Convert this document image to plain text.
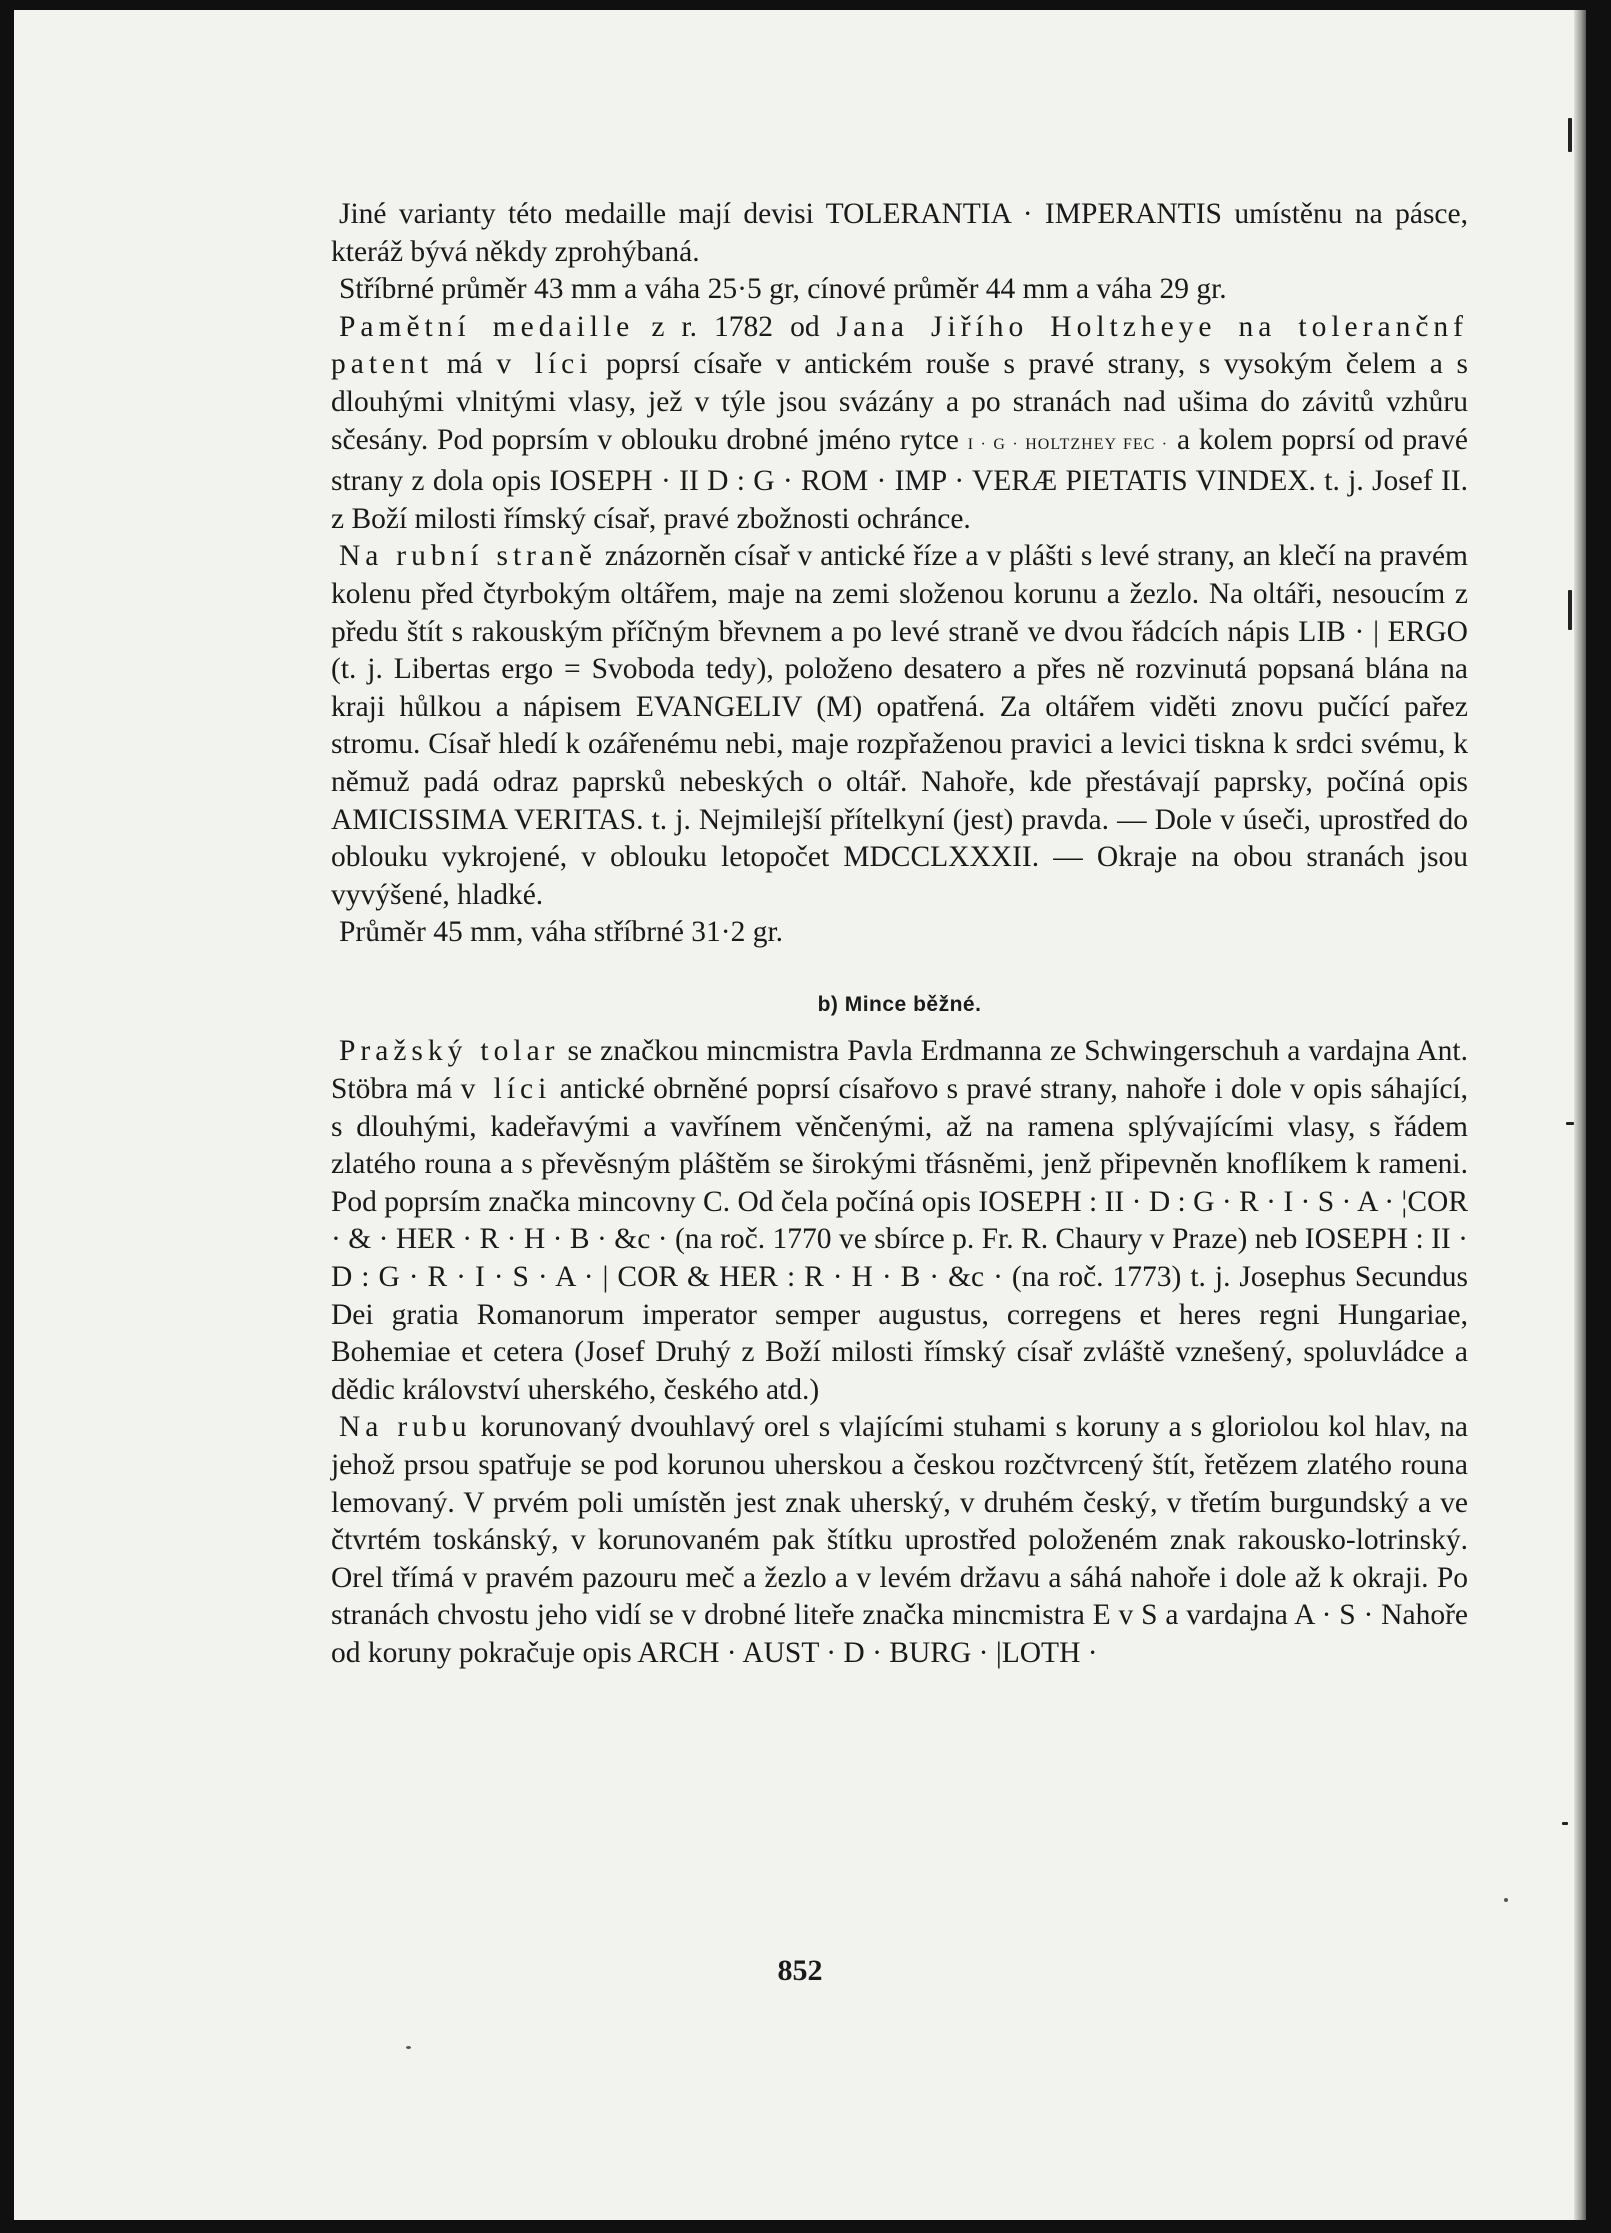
Jiné varianty této medaille mají devisi TOLERANTIA · IMPERANTIS umístěnu na pásce, kteráž bývá někdy zprohýbaná.

Stříbrné průměr 43 mm a váha 25·5 gr, cínové průměr 44 mm a váha 29 gr.

Pamětní medaille z r. 1782 od Jana Jiřího Holtzheye na tolerančnf patent má v líci poprsí císaře v antickém rouše s pravé strany, s vysokým čelem a s dlouhými vlnitými vlasy, jež v týle jsou svázány a po stranách nad ušima do závitů vzhůru sčesány. Pod poprsím v oblouku drobné jméno rytce I · G · HOLTZHEY FEC · a kolem poprsí od pravé strany z dola opis IOSEPH · II D : G · ROM · IMP · VERÆ PIETATIS VINDEX. t. j. Josef II. z Boží milosti římský císař, pravé zbožnosti ochránce.

Na rubní straně znázorněn císař v antické říze a v plášti s levé strany, an klečí na pravém kolenu před čtyrbokým oltářem, maje na zemi složenou korunu a žezlo. Na oltáři, nesoucím z předu štít s rakouským příčným břevnem a po levé straně ve dvou řádcích nápis LIB · | ERGO (t. j. Libertas ergo = Svoboda tedy), položeno desatero a přes ně rozvinutá popsaná blána na kraji hůlkou a nápisem EVANGELIV (M) opatřená. Za oltářem viděti znovu pučící pařez stromu. Císař hledí k ozářenému nebi, maje rozpřaženou pravici a levici tiskna k srdci svému, k němuž padá odraz paprsků nebeských o oltář. Nahoře, kde přestávají paprsky, počíná opis AMICISSIMA VERITAS. t. j. Nejmilejší přítelkyní (jest) pravda. — Dole v úseči, uprostřed do oblouku vykrojené, v oblouku letopočet MDCCLXXXII. — Okraje na obou stranách jsou vyvýšené, hladké.

Průměr 45 mm, váha stříbrné 31·2 gr.

b) Mince běžné.

Pražský tolar se značkou mincmistra Pavla Erdmanna ze Schwingerschuh a vardajna Ant. Stöbra má v líci antické obrněné poprsí císařovo s pravé strany, nahoře i dole v opis sáhající, s dlouhými, kadeřavými a vavřínem věnčenými, až na ramena splývajícími vlasy, s řádem zlatého rouna a s převěsným pláštěm se širokými třásněmi, jenž připevněn knoflíkem k rameni. Pod poprsím značka mincovny C. Od čela počíná opis IOSEPH : II · D : G · R · I · S · A · ¦COR · & · HER · R · H · B · &c · (na roč. 1770 ve sbírce p. Fr. R. Chaury v Praze) neb IOSEPH : II · D : G · R · I · S · A · | COR & HER : R · H · B · &c · (na roč. 1773) t. j. Josephus Secundus Dei gratia Romanorum imperator semper augustus, corregens et heres regni Hungariae, Bohemiae et cetera (Josef Druhý z Boží milosti římský císař zvláště vznešený, spoluvládce a dědic království uherského, českého atd.)

Na rubu korunovaný dvouhlavý orel s vlajícími stuhami s koruny a s gloriolou kol hlav, na jehož prsou spatřuje se pod korunou uherskou a českou rozčtvrcený štít, řetězem zlatého rouna lemovaný. V prvém poli umístěn jest znak uherský, v druhém český, v třetím burgundský a ve čtvrtém toskánský, v korunovaném pak štítku uprostřed položeném znak rakousko-lotrinský. Orel třímá v pravém pazouru meč a žezlo a v levém drž​avu a sáhá nahoře i dole až k okraji. Po stranách chvostu jeho vidí se v drobné litеře značka mincmistra E v S a vardajna A · S · Nahoře od koruny pokračuje opis ARCH · AUST · D · BURG · |LOTH ·

852
